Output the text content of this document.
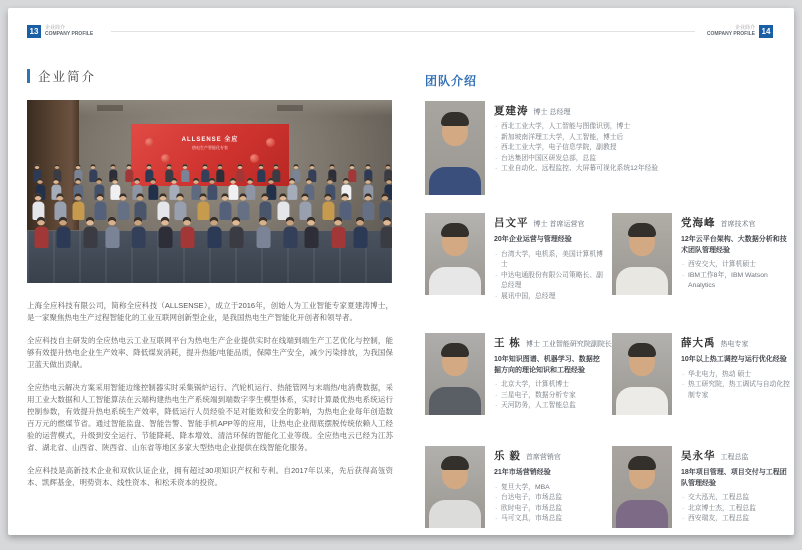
13	企业简介
COMPANY PROFILE
企业简介
ALLSENSE 全应
热电生产智能化专家
上海全应科技有限公司，简称全应科技（ALLSENSE），成立于2016年，创始人为工业智能专家夏建涛博士，是一家聚焦热电生产过程智能化的工业互联网创新型企业，是我国热电生产智能化开创者和领导者。
全应科技自主研发的全应热电云工业互联网平台为热电生产企业提供实时在线端到端生产工艺优化与控制，能够有效提升热电企业生产效率、降低煤炭消耗，提升热能/电能品质，保障生产安全，减少污染排放，为我国保卫蓝天做出贡献。
全应热电云解决方案采用智能边缘控制器实时采集锅炉运行、汽轮机运行、热能管网与末端热/电消费数据，采用工业大数据和人工智能算法在云端构建热电生产系统端到端数字孪生模型体系，实时计算最优热电系统运行控制参数，有效提升热电系统生产效率，降低运行人员经验不足对能效和安全的影响，为热电企业每年创造数百万元的燃煤节省。通过智能监盘、智能告警、智能手机APP等的应用，让热电企业彻底摆脱传统依赖人工经验的运营模式，升级到安全运行、节能降耗、降本增效、清洁环保的智能化工业等级。全应热电云已经为江苏省、湖北省、山西省、陕西省、山东省等地区多家大型热电企业提供在线智能化服务。
全应科技是高新技术企业和双软认证企业，拥有超过30项知识产权和专利。自2017年以来，先后获得高瓴资本、凯辉基金、明势资本、线性资本、和松禾资本的投资。
企业简介
COMPANY PROFILE 14
团队介绍
夏建涛 博士 总经理
· 西北工业大学，人工智能与图像识别，博士
· 新加坡南洋理工大学，人工智能，博士后
· 西北工业大学，电子信息学院，副教授
· 台达集团中国区研发总部，总监
· 工业自动化、远程监控、大屏幕可视化系统12年经验
吕文平 博士 首席运营官
20年企业运营与管理经验
· 台湾大学，电机系，美国计算机博士
· 中达电通股份有限公司策略长、副总经理
· 展讯中国，总经理
党海峰 首席技术官
12年云平台架构、大数据分析和技术团队管理经验
· 西安交大，计算机硕士
· IBM工作8年，IBM Watson Analytics
王 栋 博士 工业智能研究院副院长
10年知识图谱、机器学习、数据挖掘方向的理论知识和工程经验
· 北京大学，计算机博士
· 三星电子，数据分析专家
· 天河防务，人工智能总监
薛大禹 热电专家
10年以上热工调控与运行优化经验
· 华北电力，热动 硕士
· 热工研究院，热工调试与自动化控制专家
乐 毅 首席营销官
21年市场营销经验
· 复旦大学，MBA
· 台达电子，市场总监
· 欧时电子，市场总监
· 马可文具，市场总监
吴永华 工程总监
18年项目管理、项目交付与工程团队管理经验
· 交大泓光，工程总监
· 北京博士杰，工程总监
· 西安瑞友，工程总监
